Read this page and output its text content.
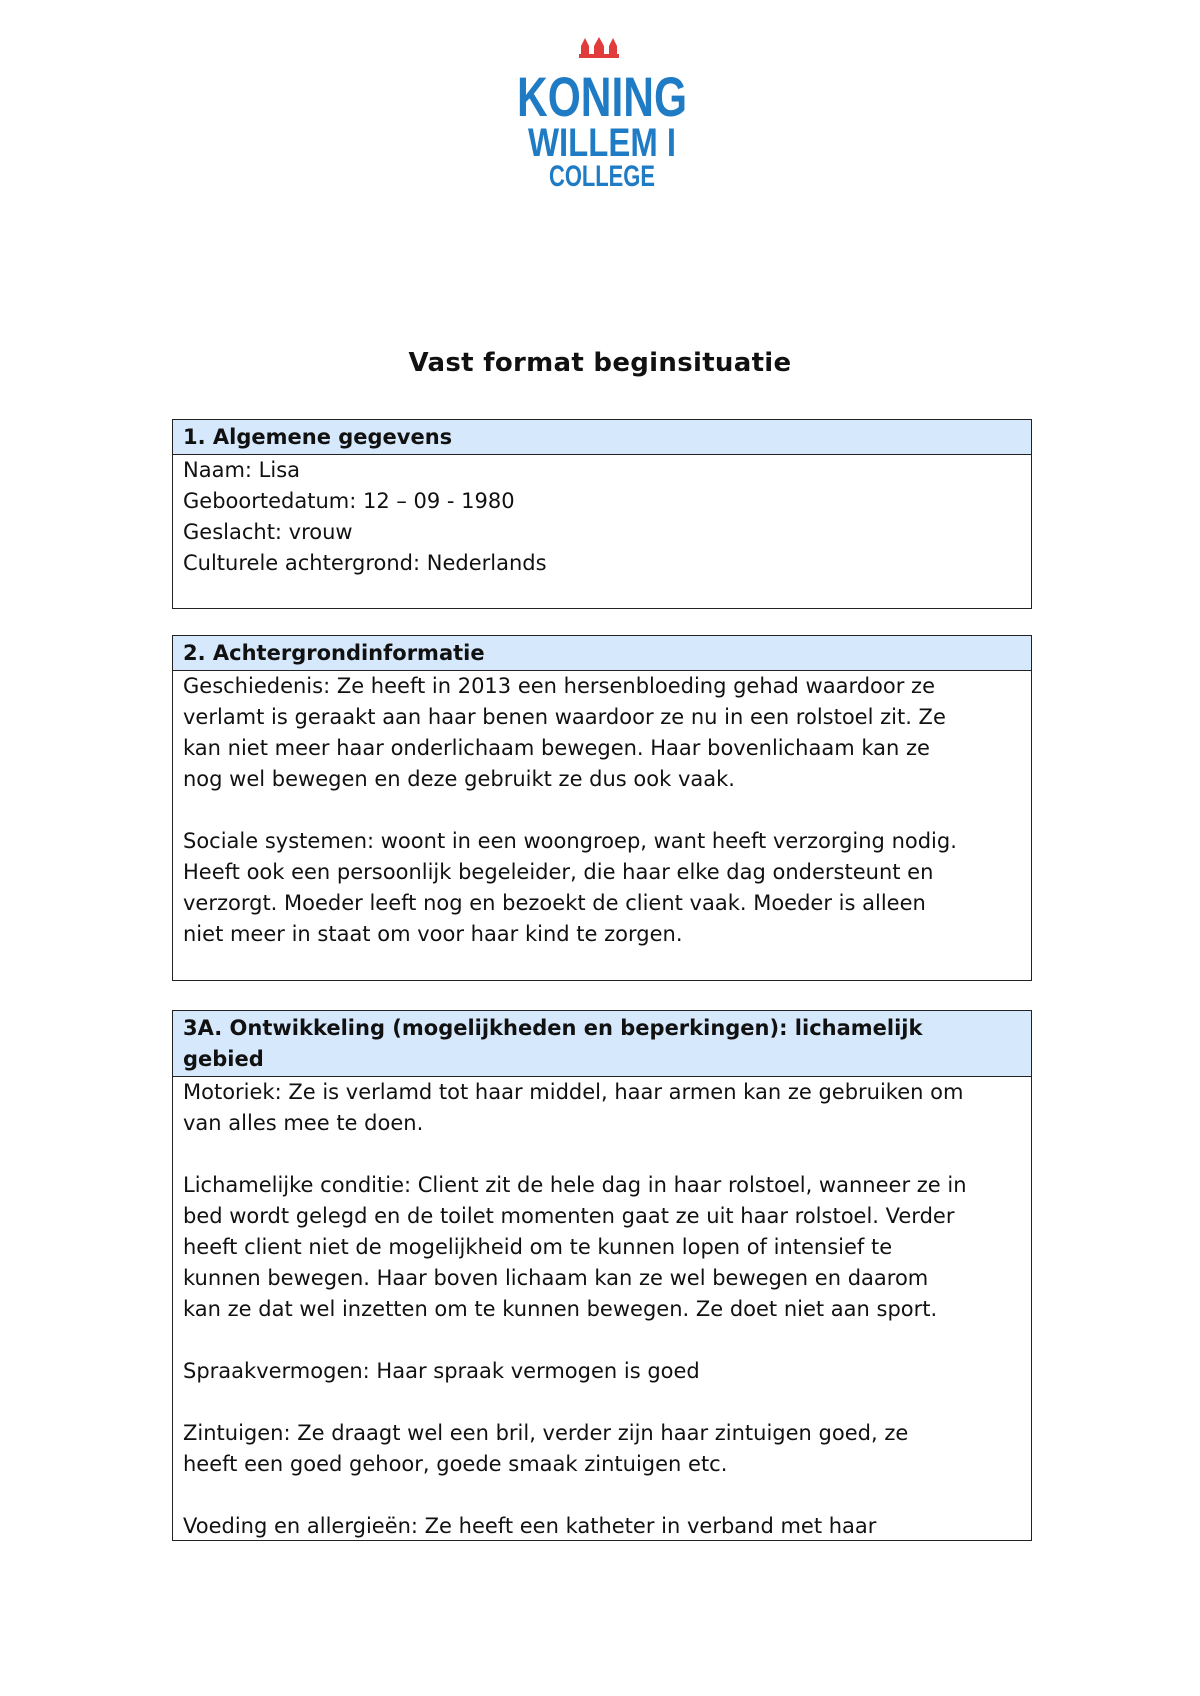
KONING
WILLEM I
COLLEGE
Vast format beginsituatie
1. Algemene gegevens
Naam: Lisa
Geboortedatum: 12 – 09 - 1980
Geslacht: vrouw
Culturele achtergrond: Nederlands
2. Achtergrondinformatie
Geschiedenis: Ze heeft in 2013 een hersenbloeding gehad waardoor ze
verlamt is geraakt aan haar benen waardoor ze nu in een rolstoel zit. Ze
kan niet meer haar onderlichaam bewegen. Haar bovenlichaam kan ze
nog wel bewegen en deze gebruikt ze dus ook vaak.
Sociale systemen: woont in een woongroep, want heeft verzorging nodig.
Heeft ook een persoonlijk begeleider, die haar elke dag ondersteunt en
verzorgt. Moeder leeft nog en bezoekt de client vaak. Moeder is alleen
niet meer in staat om voor haar kind te zorgen.
3A. Ontwikkeling (mogelijkheden en beperkingen): lichamelijk
gebied
Motoriek: Ze is verlamd tot haar middel, haar armen kan ze gebruiken om
van alles mee te doen.
Lichamelijke conditie: Client zit de hele dag in haar rolstoel, wanneer ze in
bed wordt gelegd en de toilet momenten gaat ze uit haar rolstoel. Verder
heeft client niet de mogelijkheid om te kunnen lopen of intensief te
kunnen bewegen. Haar boven lichaam kan ze wel bewegen en daarom
kan ze dat wel inzetten om te kunnen bewegen. Ze doet niet aan sport.
Spraakvermogen: Haar spraak vermogen is goed
Zintuigen: Ze draagt wel een bril, verder zijn haar zintuigen goed, ze
heeft een goed gehoor, goede smaak zintuigen etc.
Voeding en allergieën: Ze heeft een katheter in verband met haar
